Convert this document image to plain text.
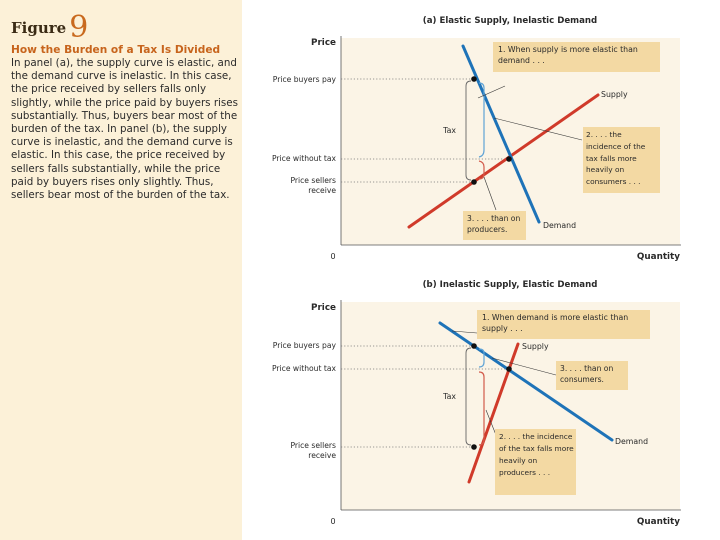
Figure 9
How the Burden of a Tax Is Divided
In panel (a), the supply curve is elastic, and the demand curve is inelastic. In this case, the price received by sellers falls only slightly, while the price paid by buyers rises substantially. Thus, buyers bear most of the burden of the tax. In panel (b), the supply curve is inelastic, and the demand curve is elastic. In this case, the price received by sellers falls substantially, while the price paid by buyers rises only slightly. Thus, sellers bear most of the burden of the tax.
(a) Elastic Supply, Inelastic Demand
Price
Quantity
0
Price buyers pay
Price without tax
Price sellers receive
Tax
1. When supply is more elastic than demand . . .
2. . . . the incidence of the tax falls more heavily on consumers . . .
3. . . . than on producers.
Supply
Demand
(b) Inelastic Supply, Elastic Demand
Price
Quantity
0
Price buyers pay
Price without tax
Price sellers receive
Tax
1. When demand is more elastic than supply . . .
3. . . . than on consumers.
2. . . . the incidence of the tax falls more heavily on producers . . .
Supply
Demand
